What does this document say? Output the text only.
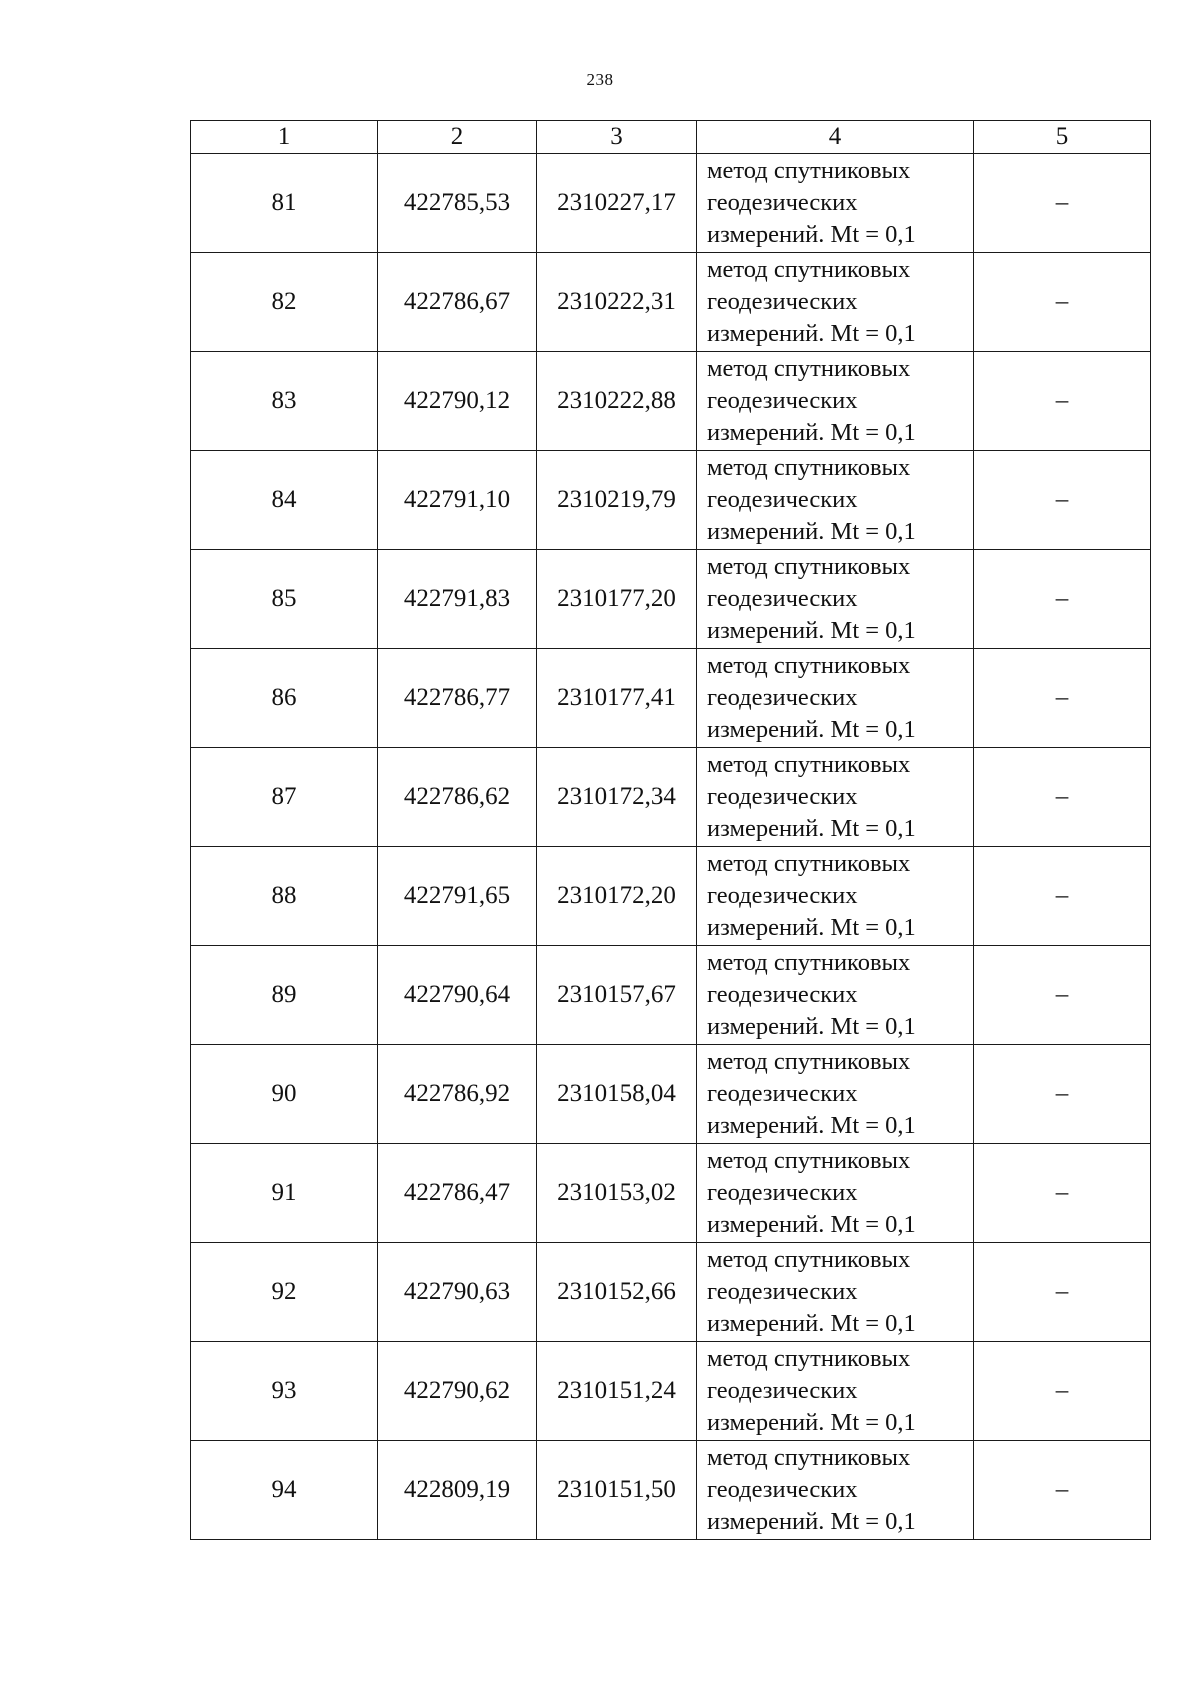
238
1	2	3	4	5
81	422785,53	2310227,17	метод спутниковых
геодезических
измерений. Mt = 0,1	–
82	422786,67	2310222,31	метод спутниковых
геодезических
измерений. Mt = 0,1	–
83	422790,12	2310222,88	метод спутниковых
геодезических
измерений. Mt = 0,1	–
84	422791,10	2310219,79	метод спутниковых
геодезических
измерений. Mt = 0,1	–
85	422791,83	2310177,20	метод спутниковых
геодезических
измерений. Mt = 0,1	–
86	422786,77	2310177,41	метод спутниковых
геодезических
измерений. Mt = 0,1	–
87	422786,62	2310172,34	метод спутниковых
геодезических
измерений. Mt = 0,1	–
88	422791,65	2310172,20	метод спутниковых
геодезических
измерений. Mt = 0,1	–
89	422790,64	2310157,67	метод спутниковых
геодезических
измерений. Mt = 0,1	–
90	422786,92	2310158,04	метод спутниковых
геодезических
измерений. Mt = 0,1	–
91	422786,47	2310153,02	метод спутниковых
геодезических
измерений. Mt = 0,1	–
92	422790,63	2310152,66	метод спутниковых
геодезических
измерений. Mt = 0,1	–
93	422790,62	2310151,24	метод спутниковых
геодезических
измерений. Mt = 0,1	–
94	422809,19	2310151,50	метод спутниковых
геодезических
измерений. Mt = 0,1	–
